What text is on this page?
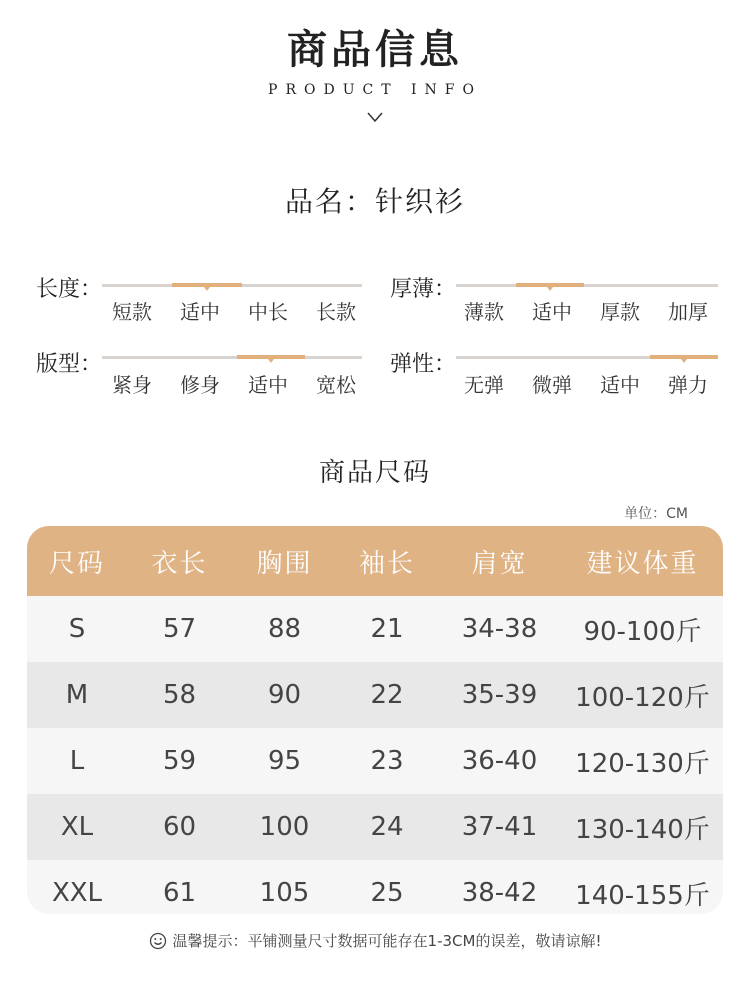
商品信息
PRODUCT INFO
品名：针织衫
长度：
短款	适中	中长	长款
厚薄：
薄款	适中	厚款	加厚
版型：
紧身	修身	适中	宽松
弹性：
无弹	微弹	适中	弹力
商品尺码
单位：CM
尺码	衣长	胸围	袖长	肩宽	建议体重
S	57	88	21	34-38	90-100斤
M	58	90	22	35-39	100-120斤
L	59	95	23	36-40	120-130斤
XL	60	100	24	37-41	130-140斤
XXL	61	105	25	38-42	140-155斤
温馨提示：平铺测量尺寸数据可能存在1-3CM的误差，敬请谅解!
